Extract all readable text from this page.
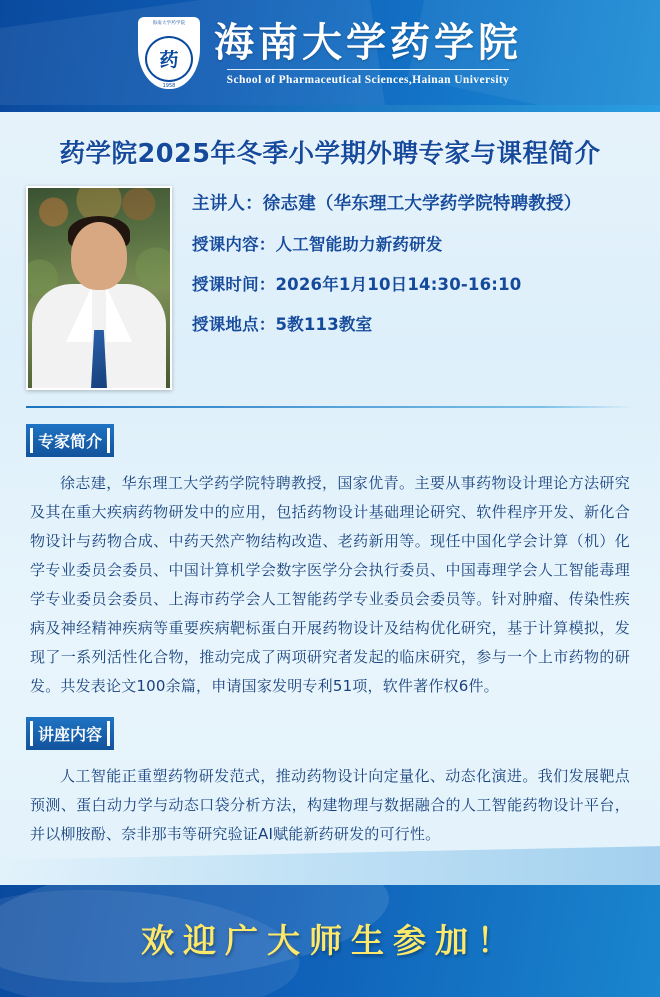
海南大学药学院
药
1958
海南大学药学院
School of Pharmaceutical Sciences,Hainan University
药学院2025年冬季小学期外聘专家与课程简介
主讲人：徐志建（华东理工大学药学院特聘教授）
授课内容：人工智能助力新药研发
授课时间：2026年1月10日14:30-16:10
授课地点：5教113教室
专家简介
徐志建，华东理工大学药学院特聘教授，国家优青。主要从事药物设计理论方法研究及其在重大疾病药物研发中的应用，包括药物设计基础理论研究、软件程序开发、新化合物设计与药物合成、中药天然产物结构改造、老药新用等。现任中国化学会计算（机）化学专业委员会委员、中国计算机学会数字医学分会执行委员、中国毒理学会人工智能毒理学专业委员会委员、上海市药学会人工智能药学专业委员会委员等。针对肿瘤、传染性疾病及神经精神疾病等重要疾病靶标蛋白开展药物设计及结构优化研究，基于计算模拟，发现了一系列活性化合物，推动完成了两项研究者发起的临床研究，参与一个上市药物的研发。共发表论文100余篇，申请国家发明专利51项，软件著作权6件。
讲座内容
人工智能正重塑药物研发范式，推动药物设计向定量化、动态化演进。我们发展靶点预测、蛋白动力学与动态口袋分析方法，构建物理与数据融合的人工智能药物设计平台，并以柳胺酚、奈非那韦等研究验证AI赋能新药研发的可行性。
欢迎广大师生参加！
